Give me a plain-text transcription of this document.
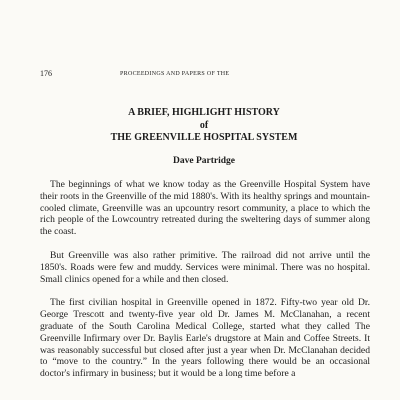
176	PROCEEDINGS AND PAPERS OF THE
A BRIEF, HIGHLIGHT HISTORY
of
THE GREENVILLE HOSPITAL SYSTEM
Dave Partridge

The beginnings of what we know today as the Greenville Hospital System have their roots in the Greenville of the mid 1880's. With its healthy springs and mountain-cooled climate, Greenville was an upcountry resort community, a place to which the rich people of the Lowcountry retreated during the sweltering days of summer along the coast.

But Greenville was also rather primitive. The railroad did not arrive until the 1850's. Roads were few and muddy. Services were minimal. There was no hospital. Small clinics opened for a while and then closed.

The first civilian hospital in Greenville opened in 1872. Fifty-two year old Dr. George Trescott and twenty-five year old Dr. James M. McClanahan, a recent graduate of the South Carolina Medical College, started what they called The Greenville Infirmary over Dr. Baylis Earle's drugstore at Main and Coffee Streets. It was reasonably successful but closed after just a year when Dr. McClanahan decided to “move to the country.” In the years following there would be an occasional doctor's infirmary in business; but it would be a long time before a
